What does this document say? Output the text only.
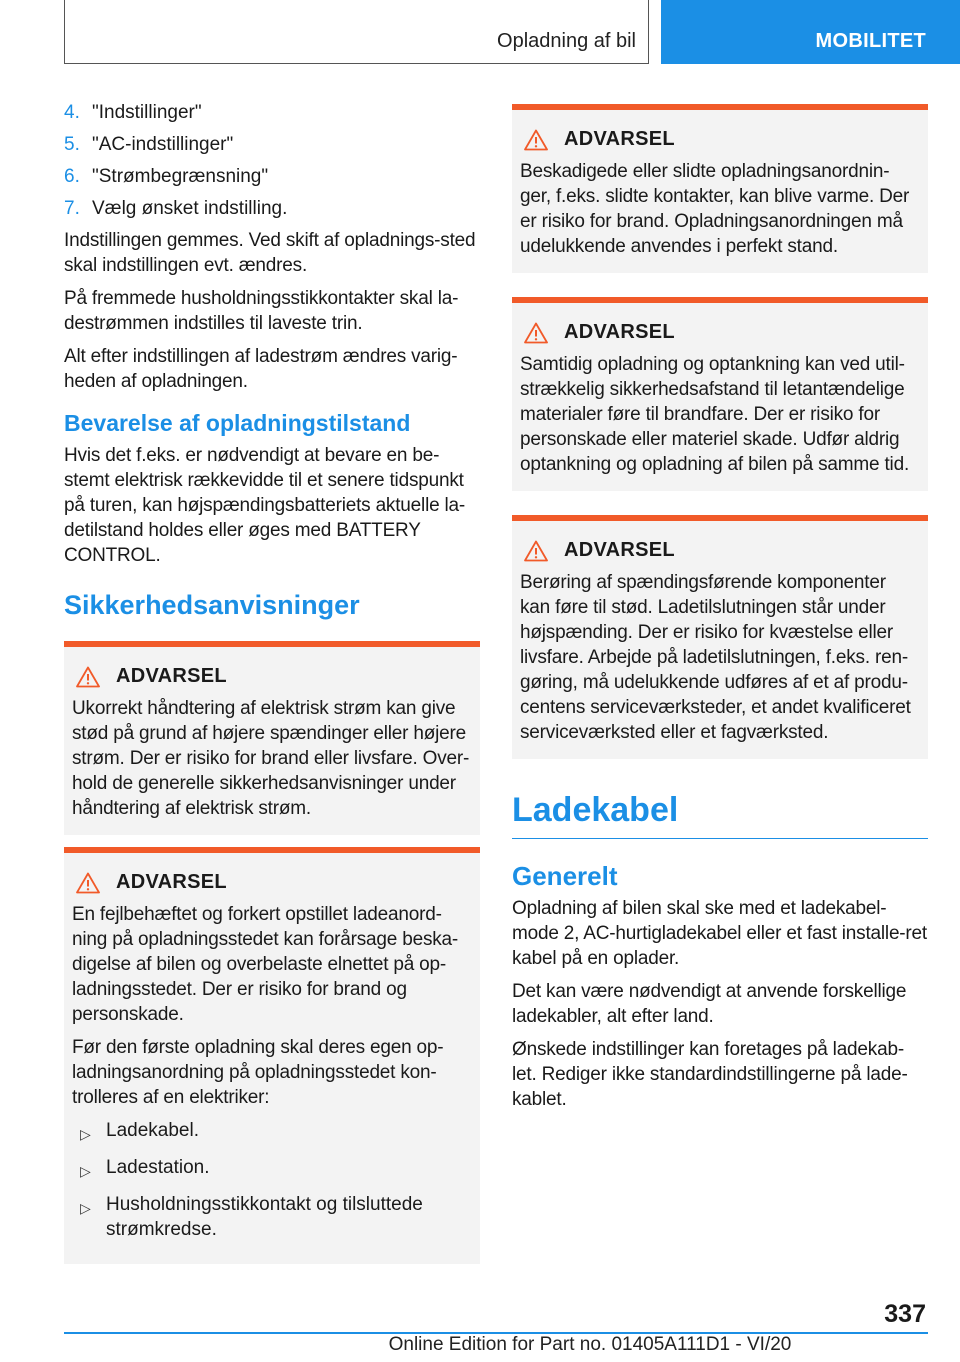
Opladning af bil	MOBILITET
4. "Indstillinger"
5. "AC-indstillinger"
6. "Strømbegrænsning"
7. Vælg ønsket indstilling.
Indstillingen gemmes. Ved skift af opladnings-sted skal indstillingen evt. ændres.
På fremmede husholdningsstikkontakter skal la-destrømmen indstilles til laveste trin.
Alt efter indstillingen af ladestrøm ændres varig-heden af opladningen.
Bevarelse af opladningstilstand
Hvis det f.eks. er nødvendigt at bevare en be-stemt elektrisk rækkevidde til et senere tidspunkt på turen, kan højspændingsbatteriets aktuelle la-detilstand holdes eller øges med BATTERY CONTROL.
Sikkerhedsanvisninger
ADVARSEL
Ukorrekt håndtering af elektrisk strøm kan give stød på grund af højere spændinger eller højere strøm. Der er risiko for brand eller livsfare. Over-hold de generelle sikkerhedsanvisninger under håndtering af elektrisk strøm.
ADVARSEL
En fejlbehæftet og forkert opstillet ladeanord-ning på opladningsstedet kan forårsage beska-digelse af bilen og overbelaste elnettet på op-ladningsstedet. Der er risiko for brand og personskade.
Før den første opladning skal deres egen op-ladningsanordning på opladningsstedet kon-trolleres af en elektriker:
▷ Ladekabel.
▷ Ladestation.
▷ Husholdningsstikkontakt og tilsluttede strømkredse.
ADVARSEL
Beskadigede eller slidte opladningsanordnin-ger, f.eks. slidte kontakter, kan blive varme. Der er risiko for brand. Opladningsanordningen må udelukkende anvendes i perfekt stand.
ADVARSEL
Samtidig opladning og optankning kan ved util-strækkelig sikkerhedsafstand til letantændelige materialer føre til brandfare. Der er risiko for personskade eller materiel skade. Udfør aldrig optankning og opladning af bilen på samme tid.
ADVARSEL
Berøring af spændingsførende komponenter kan føre til stød. Ladetilslutningen står under højspænding. Der er risiko for kvæstelse eller livsfare. Arbejde på ladetilslutningen, f.eks. ren-gøring, må udelukkende udføres af et af produ-centens serviceværksteder, et andet kvalificeret serviceværksted eller et fagværksted.
Ladekabel
Generelt
Opladning af bilen skal ske med et ladekabel-mode 2, AC-hurtigladekabel eller et fast installe-ret kabel på en oplader.
Det kan være nødvendigt at anvende forskellige ladekabler, alt efter land.
Ønskede indstillinger kan foretages på ladekab-let. Rediger ikke standardindstillingerne på lade-kablet.
337
Online Edition for Part no. 01405A111D1 - VI/20
